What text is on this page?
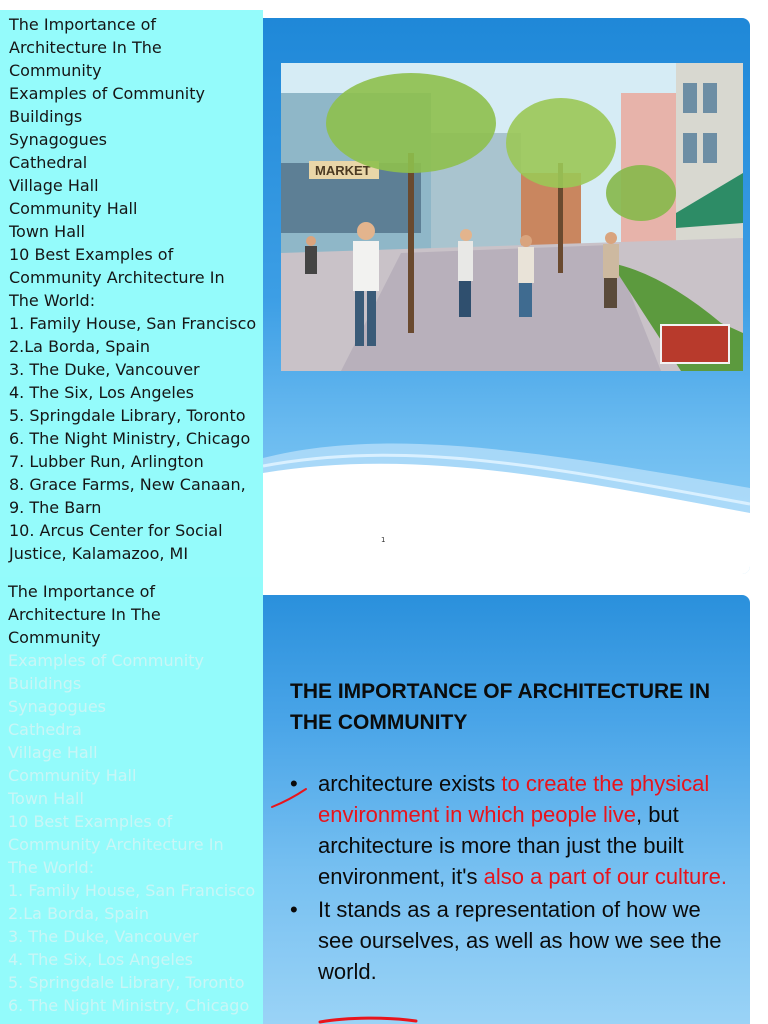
The Importance of
Architecture In The
Community
Examples of Community
Buildings
Synagogues
Cathedral
Village Hall
Community Hall
Town Hall
10 Best Examples of
Community Architecture In
The World:
1. Family House, San Francisco
2.La Borda, Spain
3. The Duke, Vancouver
4. The Six, Los Angeles
5. Springdale Library, Toronto
6. The Night Ministry, Chicago
7. Lubber Run, Arlington
8. Grace Farms, New Canaan,
9. The Barn
10. Arcus Center for Social
Justice, Kalamazoo, MI
The Importance of
Architecture In The
Community
Examples of Community
Buildings
Synagogues
Cathedra
Village Hall
Community Hall
Town Hall
10 Best Examples of
Community Architecture In
The World:
1. Family House, San Francisco
2.La Borda, Spain
3. The Duke, Vancouver
4. The Six, Los Angeles
5. Springdale Library, Toronto
6. The Night Ministry, Chicago
MARKET
1
THE IMPORTANCE OF ARCHITECTURE IN THE COMMUNITY
• architecture exists to create the physical environment in which people live, but architecture is more than just the built environment, it's also a part of our culture.
• It stands as a representation of how we see ourselves, as well as how we see the world.
